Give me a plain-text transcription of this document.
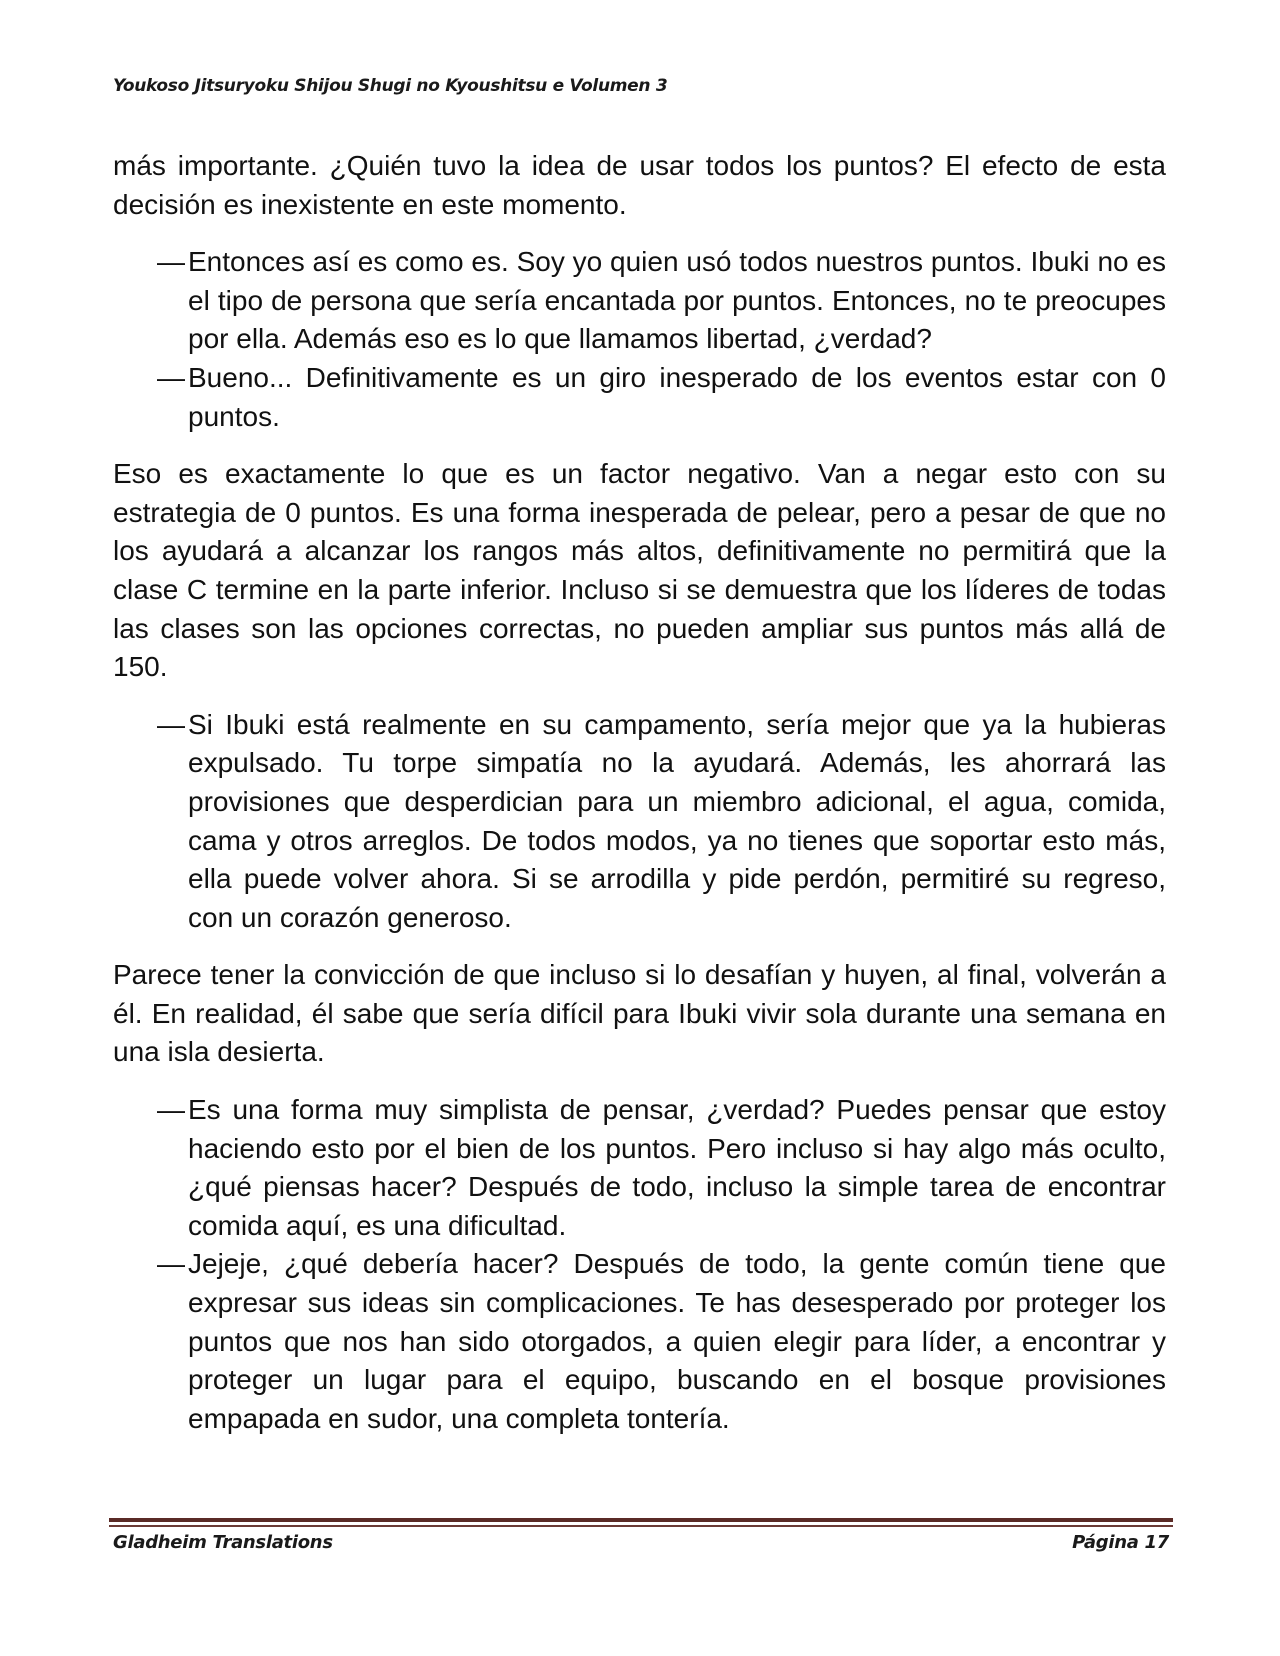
Youkoso Jitsuryoku Shijou Shugi no Kyoushitsu e Volumen 3

más importante. ¿Quién tuvo la idea de usar todos los puntos? El efecto de esta decisión es inexistente en este momento.

— Entonces así es como es. Soy yo quien usó todos nuestros puntos. Ibuki no es el tipo de persona que sería encantada por puntos. Entonces, no te preocupes por ella. Además eso es lo que llamamos libertad, ¿verdad?
— Bueno... Definitivamente es un giro inesperado de los eventos estar con 0 puntos.

Eso es exactamente lo que es un factor negativo. Van a negar esto con su estrategia de 0 puntos. Es una forma inesperada de pelear, pero a pesar de que no los ayudará a alcanzar los rangos más altos, definitivamente no permitirá que la clase C termine en la parte inferior. Incluso si se demuestra que los líderes de todas las clases son las opciones correctas, no pueden ampliar sus puntos más allá de 150.

— Si Ibuki está realmente en su campamento, sería mejor que ya la hubieras expulsado. Tu torpe simpatía no la ayudará. Además, les ahorrará las provisiones que desperdician para un miembro adicional, el agua, comida, cama y otros arreglos. De todos modos, ya no tienes que soportar esto más, ella puede volver ahora. Si se arrodilla y pide perdón, permitiré su regreso, con un corazón generoso.

Parece tener la convicción de que incluso si lo desafían y huyen, al final, volverán a él. En realidad, él sabe que sería difícil para Ibuki vivir sola durante una semana en una isla desierta.

— Es una forma muy simplista de pensar, ¿verdad? Puedes pensar que estoy haciendo esto por el bien de los puntos. Pero incluso si hay algo más oculto, ¿qué piensas hacer? Después de todo, incluso la simple tarea de encontrar comida aquí, es una dificultad.
— Jejeje, ¿qué debería hacer? Después de todo, la gente común tiene que expresar sus ideas sin complicaciones. Te has desesperado por proteger los puntos que nos han sido otorgados, a quien elegir para líder, a encontrar y proteger un lugar para el equipo, buscando en el bosque provisiones empapada en sudor, una completa tontería.
Gladheim Translations	Página 17
